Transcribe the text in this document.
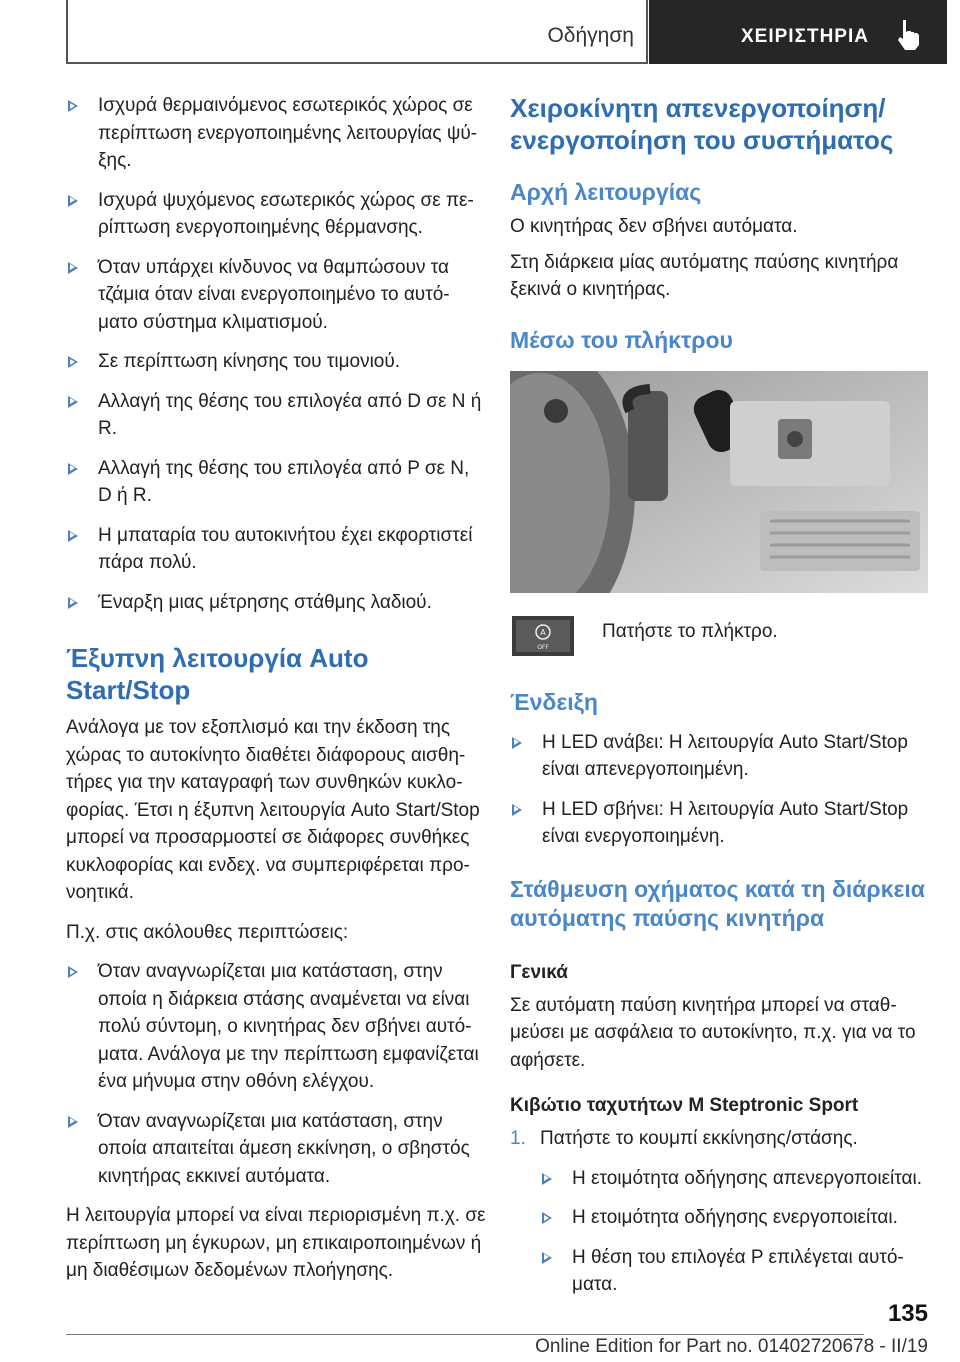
Οδήγηση	ΧΕΙΡΙΣΤΗΡΙΑ
Ισχυρά θερμαινόμενος εσωτερικός χώρος σε περίπτωση ενεργοποιημένης λειτουργίας ψύ-ξης.
Ισχυρά ψυχόμενος εσωτερικός χώρος σε πε-ρίπτωση ενεργοποιημένης θέρμανσης.
Όταν υπάρχει κίνδυνος να θαμπώσουν τα τζάμια όταν είναι ενεργοποιημένο το αυτό-ματο σύστημα κλιματισμού.
Σε περίπτωση κίνησης του τιμονιού.
Αλλαγή της θέσης του επιλογέα από D σε N ή R.
Αλλαγή της θέσης του επιλογέα από P σε N, D ή R.
Η μπαταρία του αυτοκινήτου έχει εκφορτιστεί πάρα πολύ.
Έναρξη μιας μέτρησης στάθμης λαδιού.
Έξυπνη λειτουργία Auto Start/Stop

Ανάλογα με τον εξοπλισμό και την έκδοση της χώρας το αυτοκίνητο διαθέτει διάφορους αισθη-τήρες για την καταγραφή των συνθηκών κυκλο-φορίας. Έτσι η έξυπνη λειτουργία Auto Start/Stop μπορεί να προσαρμοστεί σε διάφορες συνθήκες κυκλοφορίας και ενδεχ. να συμπεριφέρεται προ-νοητικά.

Π.χ. στις ακόλουθες περιπτώσεις:

Όταν αναγνωρίζεται μια κατάσταση, στην οποία η διάρκεια στάσης αναμένεται να είναι πολύ σύντομη, ο κινητήρας δεν σβήνει αυτό-ματα. Ανάλογα με την περίπτωση εμφανίζεται ένα μήνυμα στην οθόνη ελέγχου.
Όταν αναγνωρίζεται μια κατάσταση, στην οποία απαιτείται άμεση εκκίνηση, ο σβηστός κινητήρας εκκινεί αυτόματα.

Η λειτουργία μπορεί να είναι περιορισμένη π.χ. σε περίπτωση μη έγκυρων, μη επικαιροποιημένων ή μη διαθέσιμων δεδομένων πλοήγησης.

Χειροκίνητη απενεργοποίηση/ ενεργοποίηση του συστήματος
Αρχή λειτουργίας

Ο κινητήρας δεν σβήνει αυτόματα.

Στη διάρκεια μίας αυτόματης παύσης κινητήρα ξεκινά ο κινητήρας.

Μέσω του πλήκτρου
A
OFF

Πατήστε το πλήκτρο.

Ένδειξη
Η LED ανάβει: Η λειτουργία Auto Start/Stop είναι απενεργοποιημένη.
Η LED σβήνει: Η λειτουργία Auto Start/Stop είναι ενεργοποιημένη.
Στάθμευση οχήματος κατά τη διάρκεια αυτόματης παύσης κινητήρα
Γενικά

Σε αυτόματη παύση κινητήρα μπορεί να σταθ-μεύσει με ασφάλεια το αυτοκίνητο, π.χ. για να το αφήσετε.

Κιβώτιο ταχυτήτων M Steptronic Sport
1. Πατήστε το κουμπί εκκίνησης/στάσης.
Η ετοιμότητα οδήγησης απενεργοποιείται.
Η ετοιμότητα οδήγησης ενεργοποιείται.
Η θέση του επιλογέα P επιλέγεται αυτό-ματα.
135
Online Edition for Part no. 01402720678 - II/19
